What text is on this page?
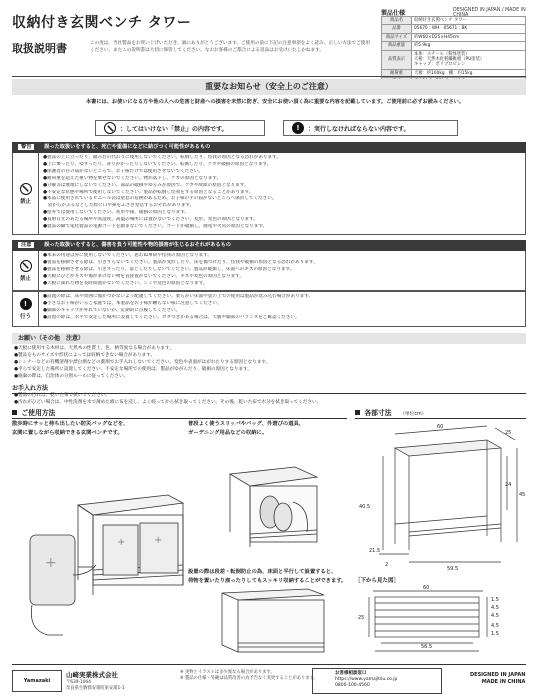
収納付き玄関ベンチ タワー
取扱説明書	この度は、当社製品をお買い上げいただき、誠にありがとうございます。ご使用の前に下記の注意事項をよく読み、正しい方法でご使用ください。またこの説明書は大切に保管してください。なおお客様のご都合による返品はお受けいたしかねます。
製品仕様	DESIGNED IN JAPAN / MADE IN CHINA
商品名	収納付き玄関ベンチ タワー
品番	05670 : WH　05671 : BK
商品サイズ	約W60×D25×H45cm
商品重量	約5.9kg
品質表示	本体：スチール（粉体塗装）
天板：天然木化粧繊維板（PU塗装）
キャップ：ポリプロピレン
耐荷重	天板：約100kg　棚：約15kg

重要なお知らせ（安全上のご注意）
本書には、お使いになる方や他の人への危害と財産への損害を未然に防ぎ、安全にお使い頂く為に重要な内容を記載しています。ご使用前に必ずお読みください。
：してはいけない「禁止」の内容です。	!	：実行しなければならない内容です。
警告 誤った取扱いをすると、死亡や重傷になどに結びつく可能性があるもの
禁止
●製品の上に立ったり、踏み台の代わりに使用しないでください。転倒したり、怪我の原因となる恐れがあります。
●上に乗ったり、ゆすったり、寄りかかったりしないでください。転倒したり、ケガや破損の原因となります。
●保護者の目の届かないところで、お子様だけでは使用させないでください。
●耐荷重を超えた重い物を乗せないでください。物が落下し、ケガの原因となります。
●分解等は無理にしないでください。部品の破損やゆるみが原因で、ケガや故障の原因となります。
●不安定な状態や場所で使用しないでください。製品が転倒し怪我をする原因となることがあります。
●本品に使用されているビニール袋は窒息の危険があるため、お子様の手の届かないところへ保管してください。
　袋からかぶるなどした際に口や鼻をふさぎ窒息するおそれがあります。
●屋外では使用しないでください。変形や錆、破損の原因となります。
●直射日光のあたる場所や高湿度、高温の場所には置かないでください。変形、変色の原因となります。
●製品の脚で電化製品の電源コードを踏まないでください。コードが破損し、感電や火災の原因となります。
注意 誤った取扱いをすると、傷害を負う可能性や物的損害が生じるおそれがあるもの
禁止
●本来の用途以外に使用しないでください。思わぬ事故や怪我の原因となります。
●製品を移動させる際は、引きずらないでください。製品が変形したり、床を傷つけたり、怪我や破損の原因となる恐れがあります。
●製品を移動させる際は、引きずったり、落としたりしないでください。製品が破損し、床面へのキズの原因となります。
●天板にひどがキズや傷がまけない物を直接置かないでください。キズや変色の原因となります。
●天板に濡れた物を長時間置かないでください。シミや変色の原因となります。
!
行う
●設置の際は、床や周囲に傷がつかないよう配慮してください。柔らかい床面や畳の上での使用は製品が沈み込む場合があります。
●小さなお子様がいるご家庭では、本製品をお子様が触らない様に注意してください。
●脚部のキャップが外れていないか、定期的に点検してください。
●設置の際は、水平で安定した場所に設置してください。ガタつきがある場合は、天板や脚部のバランスをご確認ください。
お願い（その他　注意）
●天板に使用する木材は、天然木の性質上、色、柄等異なる場合があります。
●製品をものサイズや形状によっては収納できない場合があります。
●シンナーなどの有機溶剤や漂白剤などの薬剤でお手入れしないでください。変色や表面がはがれたりする原因となります。
●平らで安定した場所に設置してください。不安定な場所での使用は、製品がゆがんだり、破損の原因となります。
●廃棄の際は、自治体の分別ルールに従ってください。
お手入れ方法
●製品の汚れは、乾いた布で拭いてください。
●汚れがひどい場合は、中性洗剤を水で薄めた液に布を浸し、よく絞ってから拭き取ってください。その後、乾いた布で水分を拭き取ってください。
ご使用方法
散歩時にサッと持ち出したい防災バッグなどを、
玄関に置しながら収納できる玄関ベンチです。
普段よく使うスリッパやバッグ、外遊びの道具、
ガーデニング用品などの収納に。
設置の際は段差・転倒防止の為、床面と平行して設置すると、
荷物を置いたり座ったりしてもスッキリ収納することができます。
+	+
+
各部寸法 （単位cm）
60
25
24
45
40.5
21.5
2
59.5
［下から見た図］
60
56.5
25
1.5
4.5
4.5
4.5
1.5
Yamazaki
山崎実業株式会社
〒639-1064
奈良県生駒郡安堵町東安堵1-1
※ 実物とイラストは多少異なる場合があります。
※ 製品の仕様・外観は品質改善の為予告なく変更することがあります。
お客様相談窓口
https://www.yamajitsu.co.jp
0800-100-4560
DESIGNED IN JAPAN
MADE IN CHINA
